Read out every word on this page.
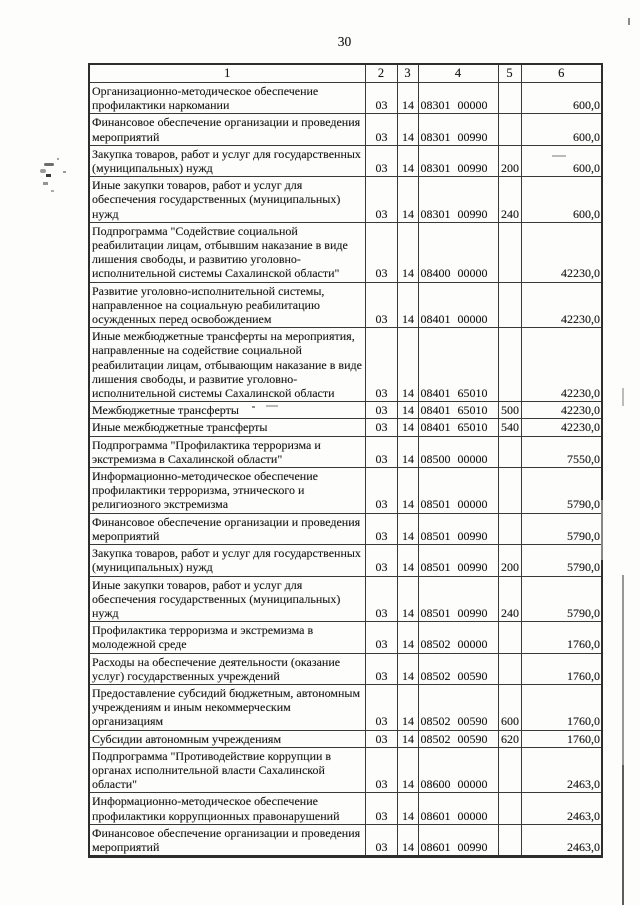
30
1	2	3	4	5	6
Организационно-методическое обеспечение профилактики наркомании	03	14	08301 00000		600,0
Финансовое обеспечение организации и проведения мероприятий	03	14	08301 00990		600,0
Закупка товаров, работ и услуг для государственных (муниципальных) нужд	03	14	08301 00990	200	600,0
Иные закупки товаров, работ и услуг для обеспечения государственных (муниципальных) нужд	03	14	08301 00990	240	600,0
Подпрограмма "Содействие социальной реабилитации лицам, отбывшим наказание в виде лишения свободы, и развитию уголовно-исполнительной системы Сахалинской области"	03	14	08400 00000		42230,0
Развитие уголовно-исполнительной системы, направленное на социальную реабилитацию осужденных перед освобождением	03	14	08401 00000		42230,0
Иные межбюджетные трансферты на мероприятия, направленные на содействие социальной реабилитации лицам, отбывающим наказание в виде лишения свободы, и развитие уголовно-исполнительной системы Сахалинской области	03	14	08401 65010		42230,0
Межбюджетные трансферты	03	14	08401 65010	500	42230,0
Иные межбюджетные трансферты	03	14	08401 65010	540	42230,0
Подпрограмма "Профилактика терроризма и экстремизма в Сахалинской области"	03	14	08500 00000		7550,0
Информационно-методическое обеспечение профилактики терроризма, этнического и религиозного экстремизма	03	14	08501 00000		5790,0
Финансовое обеспечение организации и проведения мероприятий	03	14	08501 00990		5790,0
Закупка товаров, работ и услуг для государственных (муниципальных) нужд	03	14	08501 00990	200	5790,0
Иные закупки товаров, работ и услуг для обеспечения государственных (муниципальных) нужд	03	14	08501 00990	240	5790,0
Профилактика терроризма и экстремизма в молодежной среде	03	14	08502 00000		1760,0
Расходы на обеспечение деятельности (оказание услуг) государственных учреждений	03	14	08502 00590		1760,0
Предоставление субсидий бюджетным, автономным учреждениям и иным некоммерческим организациям	03	14	08502 00590	600	1760,0
Субсидии автономным учреждениям	03	14	08502 00590	620	1760,0
Подпрограмма "Противодействие коррупции в органах исполнительной власти Сахалинской области"	03	14	08600 00000		2463,0
Информационно-методическое обеспечение профилактики коррупционных правонарушений	03	14	08601 00000		2463,0
Финансовое обеспечение организации и проведения мероприятий	03	14	08601 00990		2463,0
